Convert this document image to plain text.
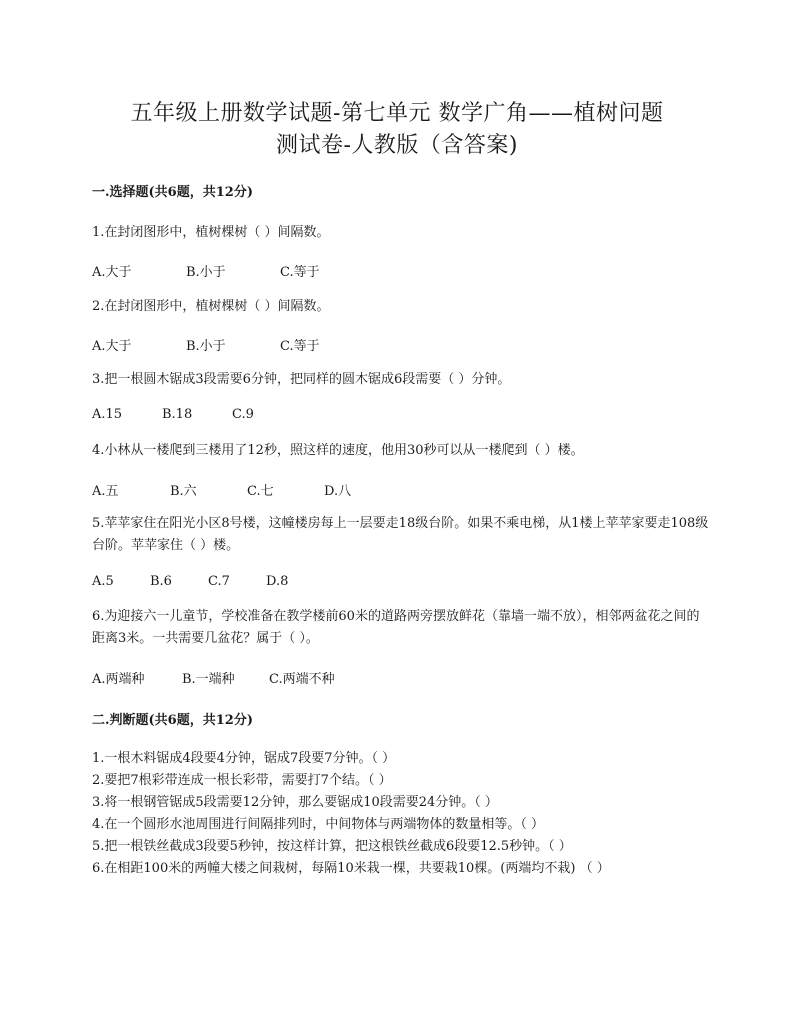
五年级上册数学试题-第七单元 数学广角——植树问题
测试卷-人教版（含答案)
一.选择题(共6题，共12分)
1.在封闭图形中，植树棵树（ ）间隔数。
A.大于	B.小于	C.等于
2.在封闭图形中，植树棵树（ ）间隔数。
A.大于	B.小于	C.等于
3.把一根圆木锯成3段需要6分钟，把同样的圆木锯成6段需要（ ）分钟。
A.15	B.18	C.9
4.小林从一楼爬到三楼用了12秒，照这样的速度，他用30秒可以从一楼爬到（ ）楼。
A.五	B.六	C.七	D.八
5.苹苹家住在阳光小区8号楼，这幢楼房每上一层要走18级台阶。如果不乘电梯，从1楼上苹苹家要走108级台阶。苹苹家住（ ）楼。
A.5	B.6	C.7	D.8
6.为迎接六一儿童节，学校准备在教学楼前60米的道路两旁摆放鲜花（靠墙一端不放），相邻两盆花之间的距离3米。一共需要几盆花？属于（ ）。
A.两端种	B.一端种	C.两端不种
二.判断题(共6题，共12分)
1.一根木料锯成4段要4分钟，锯成7段要7分钟。（ ）
2.要把7根彩带连成一根长彩带，需要打7个结。（ ）
3.将一根钢管锯成5段需要12分钟，那么要锯成10段需要24分钟。（ ）
4.在一个圆形水池周围进行间隔排列时，中间物体与两端物体的数量相等。（ ）
5.把一根铁丝截成3段要5秒钟，按这样计算，把这根铁丝截成6段要12.5秒钟。（ ）
6.在相距100米的两幢大楼之间栽树，每隔10米栽一棵，共要栽10棵。(两端均不栽) （ ）
